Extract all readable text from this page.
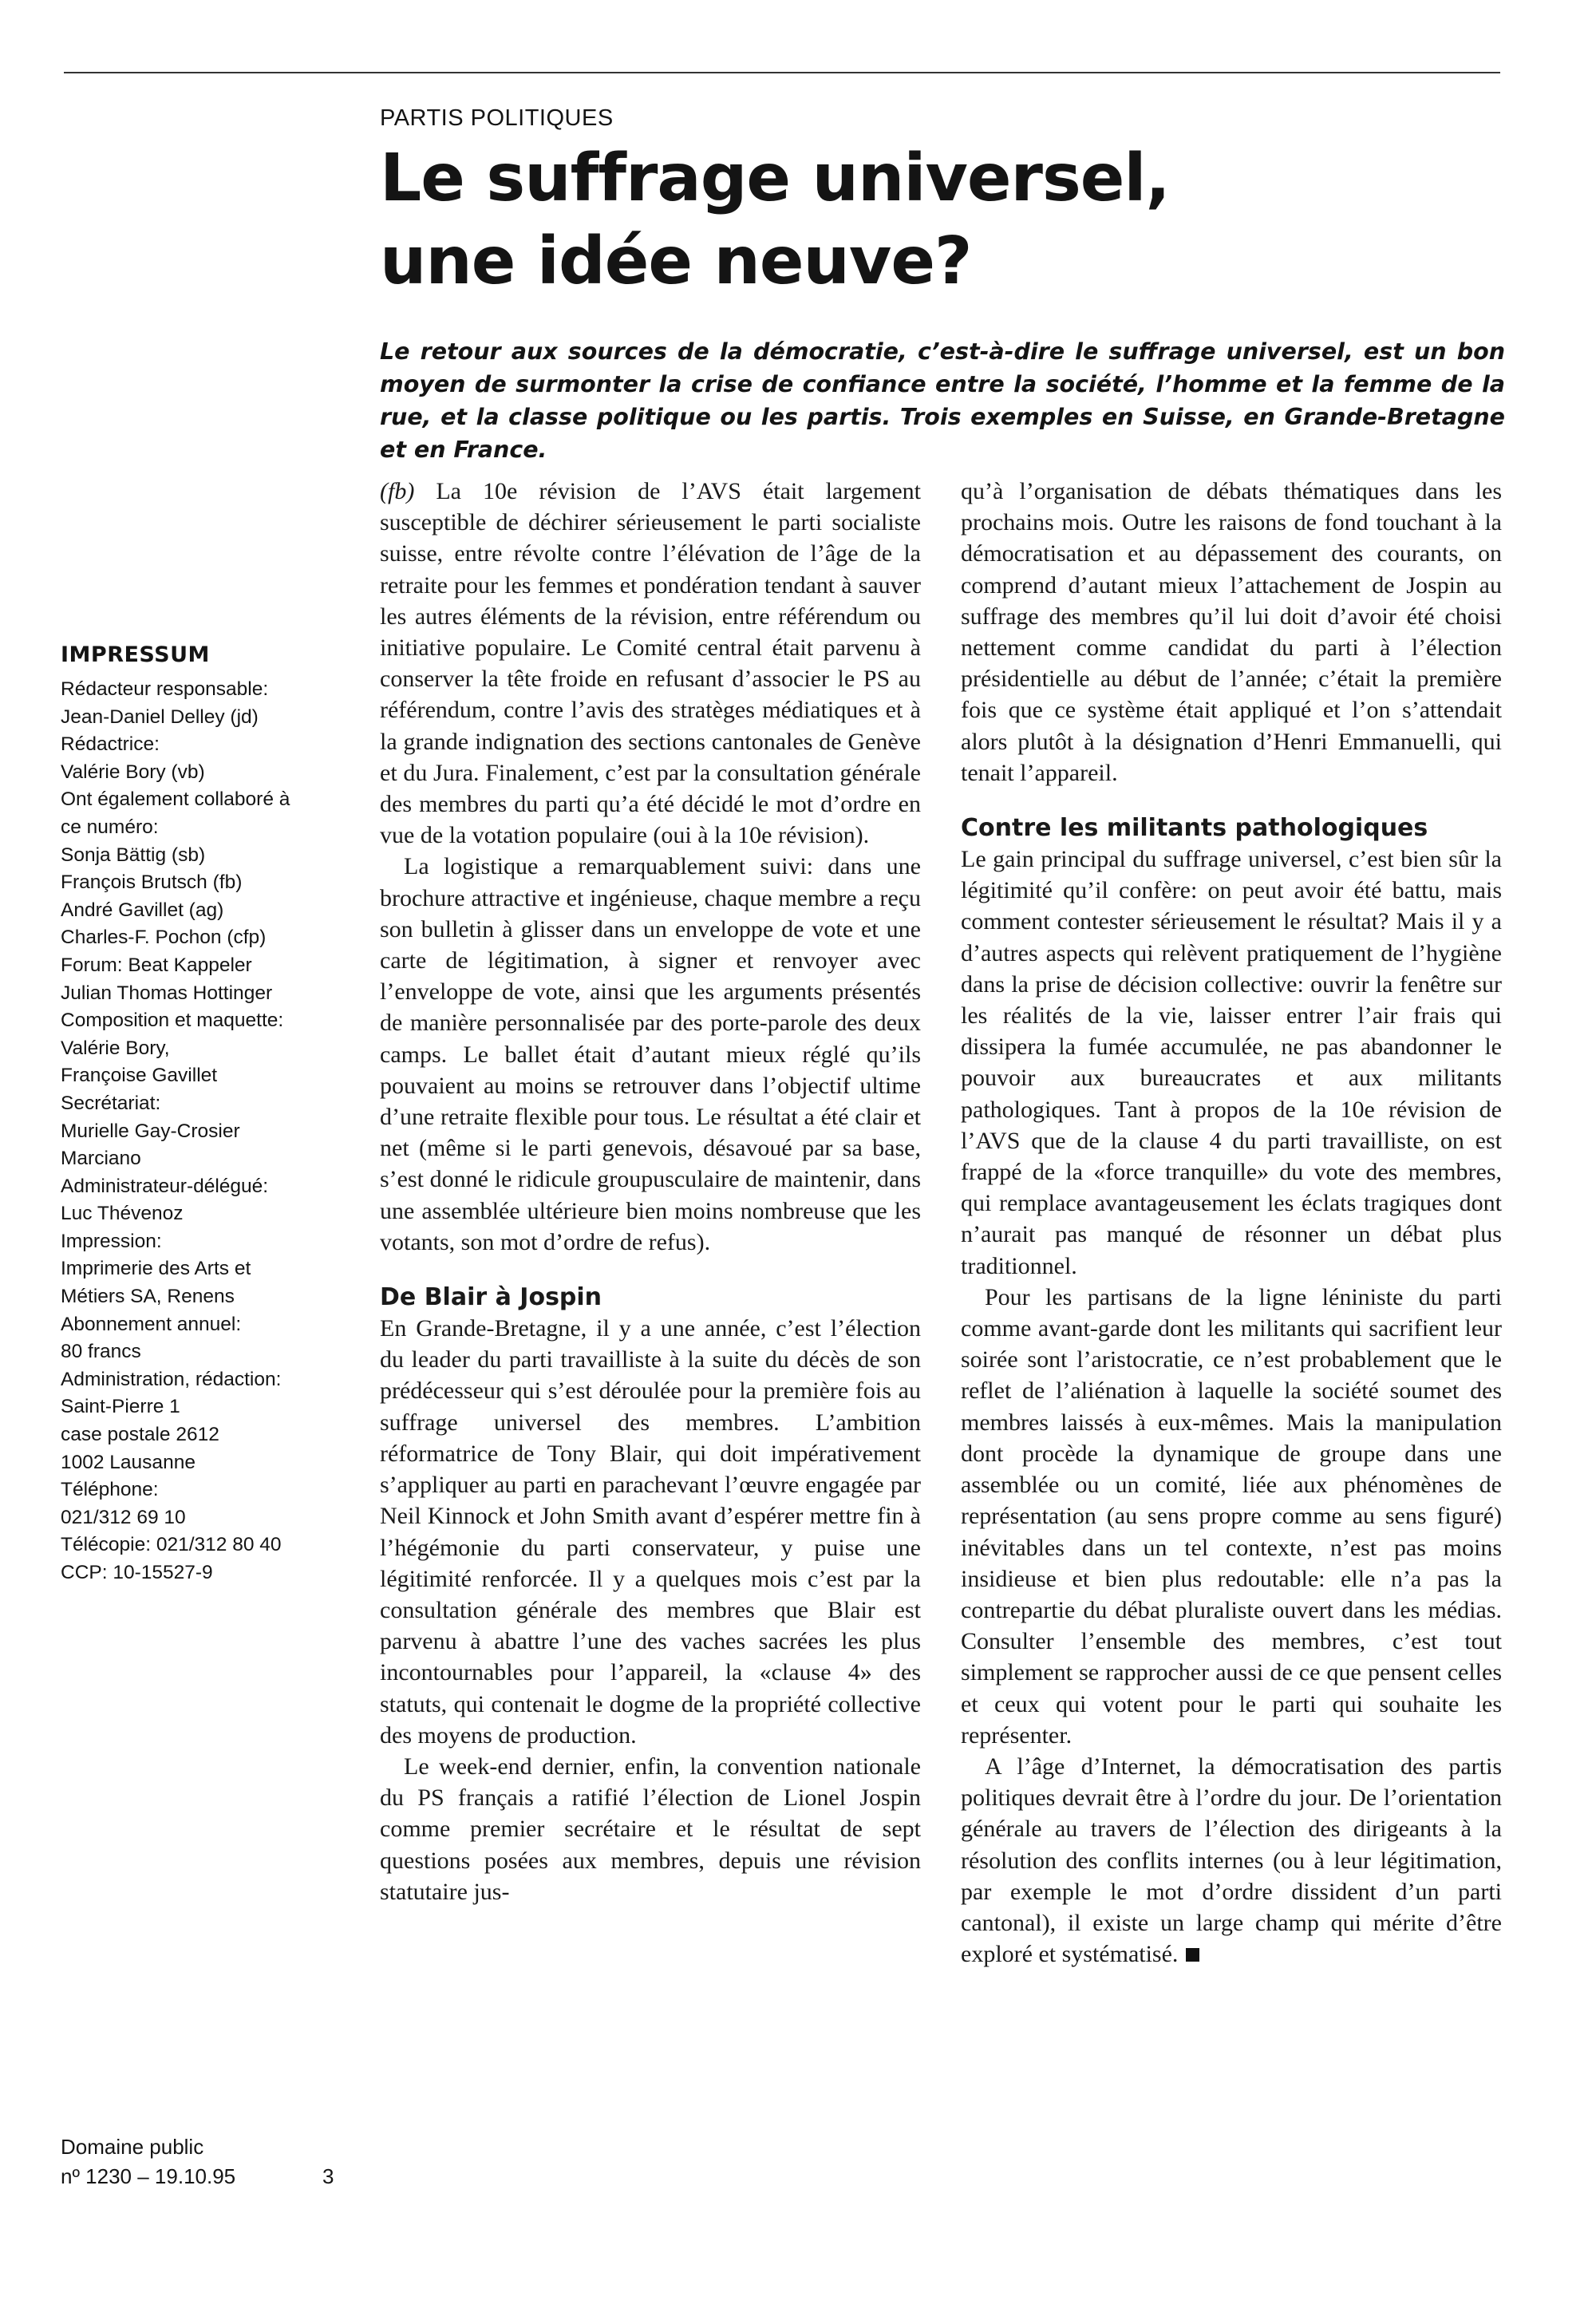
PARTIS POLITIQUES
Le suffrage universel,
une idée neuve?
Le retour aux sources de la démocratie, c’est-à-dire le suffrage universel, est un bon moyen de surmonter la crise de confiance entre la société, l’homme et la femme de la rue, et la classe politique ou les partis. Trois exemples en Suisse, en Grande-Bretagne et en France.
IMPRESSUM
Rédacteur responsable:
Jean-Daniel Delley (jd)
Rédactrice:
Valérie Bory (vb)
Ont également collaboré à
ce numéro:
Sonja Bättig (sb)
François Brutsch (fb)
André Gavillet (ag)
Charles-F. Pochon (cfp)
Forum: Beat Kappeler
Julian Thomas Hottinger
Composition et maquette:
Valérie Bory,
Françoise Gavillet
Secrétariat:
Murielle Gay-Crosier
Marciano
Administrateur-délégué:
Luc Thévenoz
Impression:
Imprimerie des Arts et
Métiers SA, Renens
Abonnement annuel:
80 francs
Administration, rédaction:
Saint-Pierre 1
case postale 2612
1002 Lausanne
Téléphone:
021/312 69 10
Télécopie: 021/312 80 40
CCP: 10-15527-9
Domaine public
nº 1230 – 19.10.95	3

(fb) La 10e révision de l’AVS était largement susceptible de déchirer sérieusement le parti socialiste suisse, entre révolte contre l’élévation de l’âge de la retraite pour les femmes et pondération tendant à sauver les autres éléments de la révision, entre référendum ou initiative populaire. Le Comité central était parvenu à conserver la tête froide en refusant d’associer le PS au référendum, contre l’avis des stratèges médiatiques et à la grande indignation des sections cantonales de Genève et du Jura. Finalement, c’est par la consultation générale des membres du parti qu’a été décidé le mot d’ordre en vue de la votation populaire (oui à la 10e révision).

La logistique a remarquablement suivi: dans une brochure attractive et ingénieuse, chaque membre a reçu son bulletin à glisser dans un enveloppe de vote et une carte de légitimation, à signer et renvoyer avec l’enveloppe de vote, ainsi que les arguments présentés de manière personnalisée par des porte-parole des deux camps. Le ballet était d’autant mieux réglé qu’ils pouvaient au moins se retrouver dans l’objectif ultime d’une retraite flexible pour tous. Le résultat a été clair et net (même si le parti genevois, désavoué par sa base, s’est donné le ridicule groupusculaire de maintenir, dans une assemblée ultérieure bien moins nombreuse que les votants, son mot d’ordre de refus).

De Blair à Jospin

En Grande-Bretagne, il y a une année, c’est l’élection du leader du parti travailliste à la suite du décès de son prédécesseur qui s’est déroulée pour la première fois au suffrage universel des membres. L’ambition réformatrice de Tony Blair, qui doit impérativement s’appliquer au parti en parachevant l’œuvre engagée par Neil Kinnock et John Smith avant d’espérer mettre fin à l’hégémonie du parti conservateur, y puise une légitimité renforcée. Il y a quelques mois c’est par la consultation générale des membres que Blair est parvenu à abattre l’une des vaches sacrées les plus incontournables pour l’appareil, la «clause 4» des statuts, qui contenait le dogme de la propriété collective des moyens de production.

Le week-end dernier, enfin, la convention nationale du PS français a ratifié l’élection de Lionel Jospin comme premier secrétaire et le résultat de sept questions posées aux membres, depuis une révision statutaire jus-

qu’à l’organisation de débats thématiques dans les prochains mois. Outre les raisons de fond touchant à la démocratisation et au dépassement des courants, on comprend d’autant mieux l’attachement de Jospin au suffrage des membres qu’il lui doit d’avoir été choisi nettement comme candidat du parti à l’élection présidentielle au début de l’année; c’était la première fois que ce système était appliqué et l’on s’attendait alors plutôt à la désignation d’Henri Emmanuelli, qui tenait l’appareil.

Contre les militants pathologiques

Le gain principal du suffrage universel, c’est bien sûr la légitimité qu’il confère: on peut avoir été battu, mais comment contester sérieusement le résultat? Mais il y a d’autres aspects qui relèvent pratiquement de l’hygiène dans la prise de décision collective: ouvrir la fenêtre sur les réalités de la vie, laisser entrer l’air frais qui dissipera la fumée accumulée, ne pas abandonner le pouvoir aux bureaucrates et aux militants pathologiques. Tant à propos de la 10e révision de l’AVS que de la clause 4 du parti travailliste, on est frappé de la «force tranquille» du vote des membres, qui remplace avantageusement les éclats tragiques dont n’aurait pas manqué de résonner un débat plus traditionnel.

Pour les partisans de la ligne léniniste du parti comme avant-garde dont les militants qui sacrifient leur soirée sont l’aristocratie, ce n’est probablement que le reflet de l’aliénation à laquelle la société soumet des membres laissés à eux-mêmes. Mais la manipulation dont procède la dynamique de groupe dans une assemblée ou un comité, liée aux phénomènes de représentation (au sens propre comme au sens figuré) inévitables dans un tel contexte, n’est pas moins insidieuse et bien plus redoutable: elle n’a pas la contrepartie du débat pluraliste ouvert dans les médias. Consulter l’ensemble des membres, c’est tout simplement se rapprocher aussi de ce que pensent celles et ceux qui votent pour le parti qui souhaite les représenter.

A l’âge d’Internet, la démocratisation des partis politiques devrait être à l’ordre du jour. De l’orientation générale au travers de l’élection des dirigeants à la résolution des conflits internes (ou à leur légitimation, par exemple le mot d’ordre dissident d’un parti cantonal), il existe un large champ qui mérite d’être exploré et systématisé.
